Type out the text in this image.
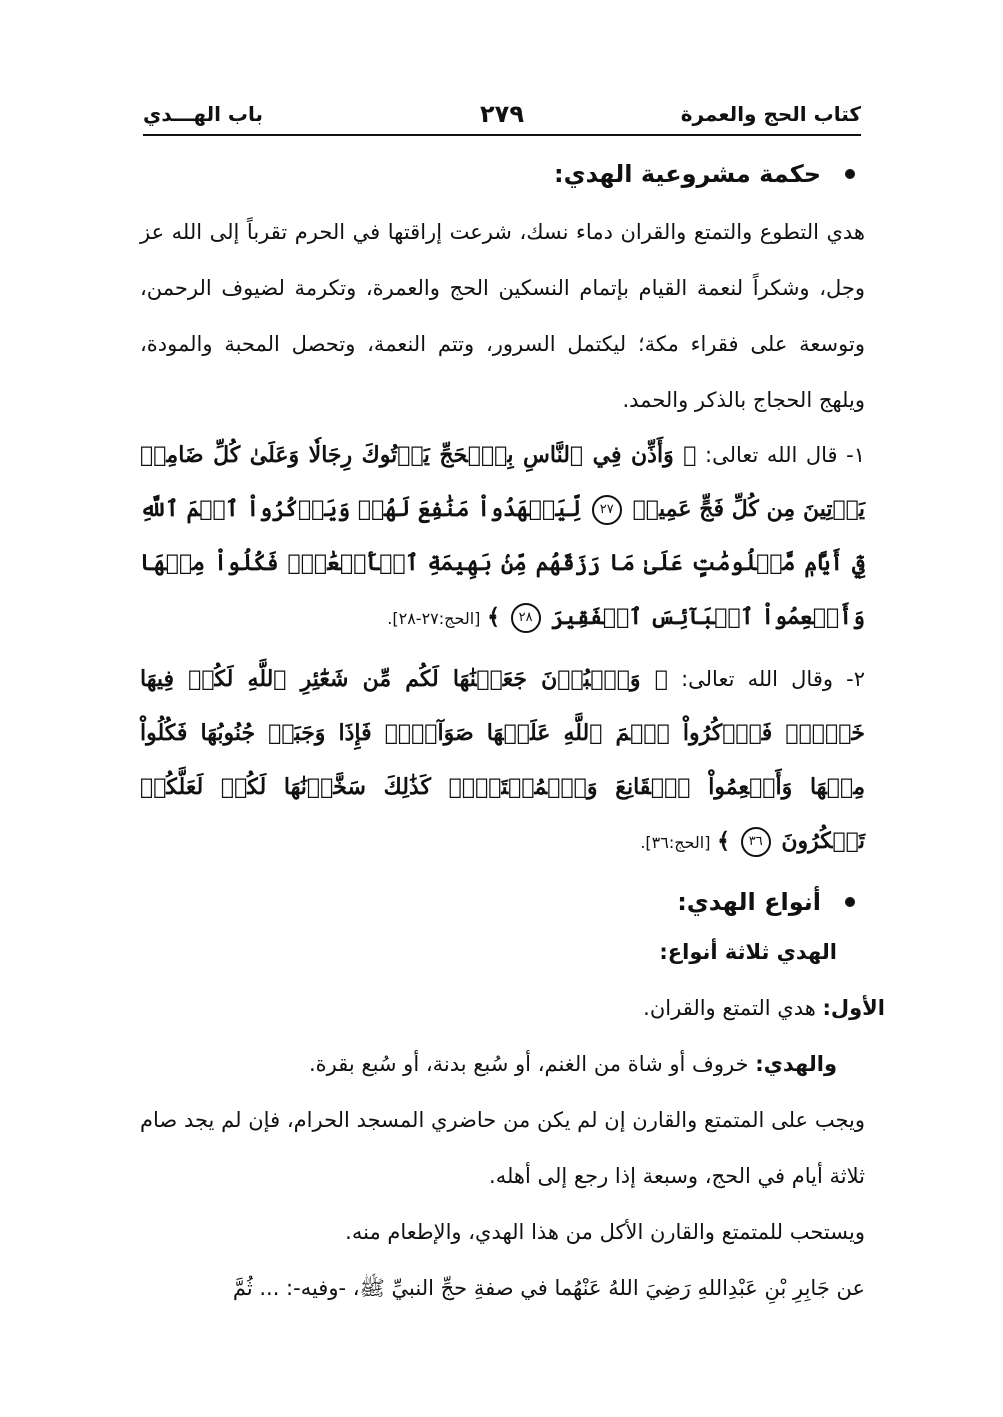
كتاب الحج والعمرة
٢٧٩
باب الهـــدي
حكمة مشروعية الهدي:

هدي التطوع والتمتع والقران دماء نسك، شرعت إراقتها في الحرم تقرباً إلى الله عز وجل، وشكراً لنعمة القيام بإتمام النسكين الحج والعمرة، وتكرمة لضيوف الرحمن، وتوسعة على فقراء مكة؛ ليكتمل السرور، وتتم النعمة، وتحصل المحبة والمودة، ويلهج الحجاج بالذكر والحمد.

١- قال الله تعالى: ﴿ وَأَذِّن فِي ٱلنَّاسِ بِٱلۡحَجِّ يَأۡتُوكَ رِجَالٗا وَعَلَىٰ كُلِّ ضَامِرٖ يَأۡتِينَ مِن كُلِّ فَجٍّ عَمِيقٖ ٢٧ لِّيَشۡهَدُواْ مَنَٰفِعَ لَهُمۡ وَيَذۡكُرُواْ ٱسۡمَ ٱللَّهِ فِيٓ أَيَّامٖ مَّعۡلُومَٰتٍ عَلَىٰ مَا رَزَقَهُم مِّنۢ بَهِيمَةِ ٱلۡأَنۡعَٰمِۖ فَكُلُواْ مِنۡهَا وَأَطۡعِمُواْ ٱلۡبَآئِسَ ٱلۡفَقِيرَ ٢٨ ﴾ [الحج:٢٧-٢٨].

٢- وقال الله تعالى: ﴿ وَٱلۡبُدۡنَ جَعَلۡنَٰهَا لَكُم مِّن شَعَٰٓئِرِ ٱللَّهِ لَكُمۡ فِيهَا خَيۡرٞۖ فَٱذۡكُرُواْ ٱسۡمَ ٱللَّهِ عَلَيۡهَا صَوَآفَّۖ فَإِذَا وَجَبَتۡ جُنُوبُهَا فَكُلُواْ مِنۡهَا وَأَطۡعِمُواْ ٱلۡقَانِعَ وَٱلۡمُعۡتَرَّۚ كَذَٰلِكَ سَخَّرۡنَٰهَا لَكُمۡ لَعَلَّكُمۡ تَشۡكُرُونَ ٣٦ ﴾ [الحج:٣٦].

أنواع الهدي:

الهدي ثلاثة أنواع:

الأول: هدي التمتع والقران.

والهدي: خروف أو شاة من الغنم، أو سُبع بدنة، أو سُبع بقرة.

ويجب على المتمتع والقارن إن لم يكن من حاضري المسجد الحرام، فإن لم يجد صام ثلاثة أيام في الحج، وسبعة إذا رجع إلى أهله.

ويستحب للمتمتع والقارن الأكل من هذا الهدي، والإطعام منه.

عن جَابِرِ بْنِ عَبْدِاللهِ رَضِيَ اللهُ عَنْهُما في صفةِ حجِّ النبيِّ ﷺ، -وفيه-: ... ثُمَّ
